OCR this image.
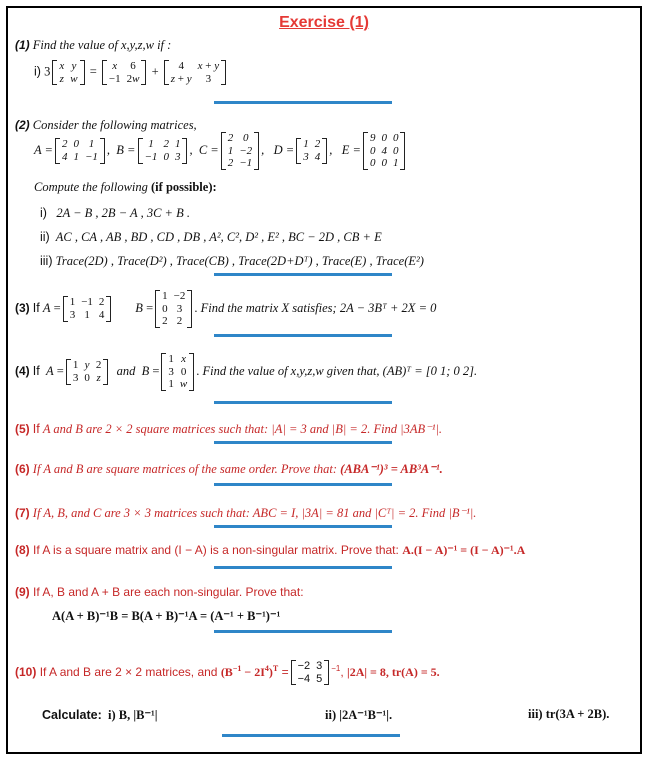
Exercise (1)
(1) Find the value of x,y,z,w if :
i) 3 x	y
z	w
= x	6
−1	2w
+ 4	x + y
z + y	3
(2) Consider the following matrices,
A = 2	0	1
4	1	−1
,  B = 1	2	1
−1	0	3
,  C =
2	0
1	−2
2	−1
,   D = 1	2
3	4
,   E =
9	0	0
0	4	0
0	0	1
Compute the following (if possible):
i) 2A − B , 2B − A , 3C + B .
ii) AC , CA , AB , BD , CD , DB , A², C², D² , E² , BC − 2D , CB + E
iii) Trace(2D) , Trace(D²) , Trace(CB) , Trace(2D+Dᵀ) , Trace(E) , Trace(E²)
(3) If A = 1	−1	2
3	1	4
B =
1	−2
0	3
2	2
. Find the matrix X satisfies; 2A − 3Bᵀ + 2X = 0
(4) If A = 1	y	2
3	0	z
and B =
1	x
3	0
1	w
. Find the value of x,y,z,w given that, (AB)ᵀ = [0 1; 0 2].
(5) If A and B are 2 × 2 square matrices such that: |A| = 3 and |B| = 2. Find |3AB⁻¹|.
(6) If A and B are square matrices of the same order. Prove that: (ABA⁻¹)³ = AB³A⁻¹.
(7) If A, B, and C are 3 × 3 matrices such that: ABC = I, |3A| = 81 and |Cᵀ| = 2. Find |B⁻¹|.
(8) If A is a square matrix and (I − A) is a non-singular matrix. Prove that: A.(I − A)⁻¹ = (I − A)⁻¹.A
(9) If A, B and A + B are each non-singular. Prove that:
A(A + B)⁻¹B = B(A + B)⁻¹A = (A⁻¹ + B⁻¹)⁻¹
(10) If A and B are 2 × 2 matrices, and $(B^{-1} - 2I^4)^T = -2$	3
−4	5
$^{-1}$, |2A| = 8, tr(A) = 5.
Calculate: i) B, |B⁻¹|	ii) |2A⁻¹B⁻¹|.	iii) tr(3A + 2B).
